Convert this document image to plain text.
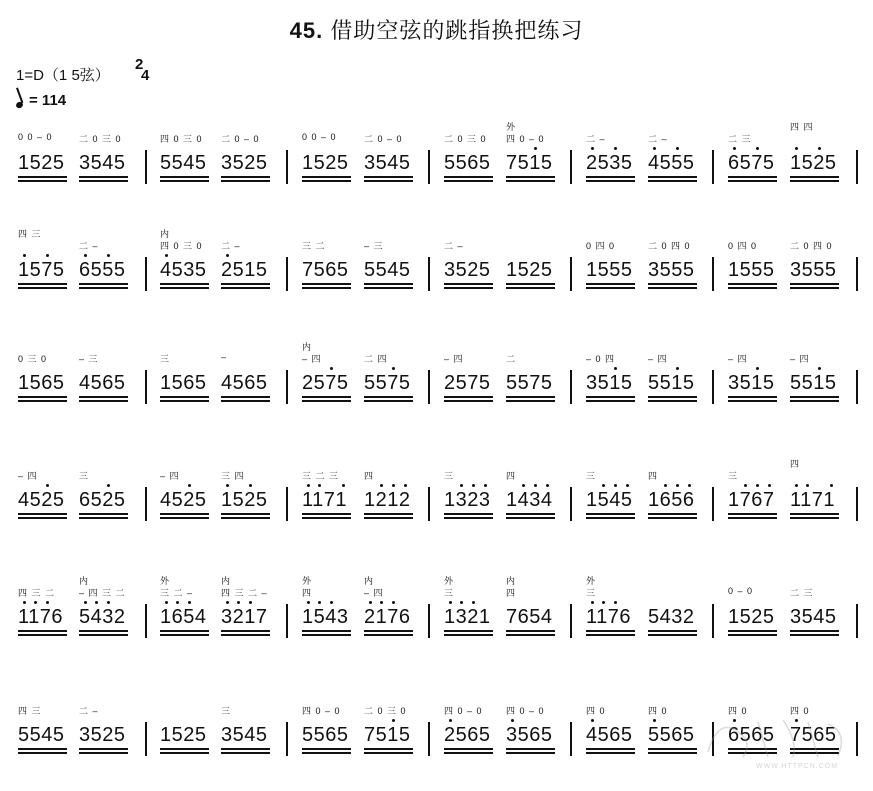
45. 借助空弦的跳指换把练习
1=D（1 5弦）
2
4
= 114
0 0 – 0
1525
二 0 三 0
3545
四 0 三 0
5545
二 0 – 0
3525
0 0 – 0
1525
二 0 – 0
3545
二 0 三 0
5565
外
四 0 – 0
7515
二 –
2535
二 –
4555
二 三
6575
四 四
1525
四 三
1575
二 –
6555
内
四 0 三 0
4535
二 –
2515
三 二
7565
– 三
5545
二 –
3525 1525
0 四 0
1555
二 0 四 0
3555
0 四 0
1555
二 0 四 0
3555
0 三 0
1565
– 三
4565
三
1565
–
4565
内
– 四
2575
二 四
5575
– 四
2575
二
5575
– 0 四
3515
– 四
5515
– 四
3515
– 四
5515
– 四
4525
三
6525
– 四
4525
三 四
1525
三 二 三
1171
四
1212
三
1323
四
1434
三
1545
四
1656
三
1767
四
1171
四 三 二
1176
内
– 四 三 二
5432
外
三 二 –
1654
内
四 三 二 –
3217
外
四
1543
内
– 四
2176
外
三
1321
内
四
7654
外
三
1176 5432
0 – 0
1525
二 三
3545
四 三
5545
二 –
3525 1525
三
3545
四 0 – 0
5565
二 0 三 0
7515
四 0 – 0
2565
四 0 – 0
3565
四 0
4565
四 0
5565
四 0
6565
四 0
7565
WWW.HTTPCN.COM
